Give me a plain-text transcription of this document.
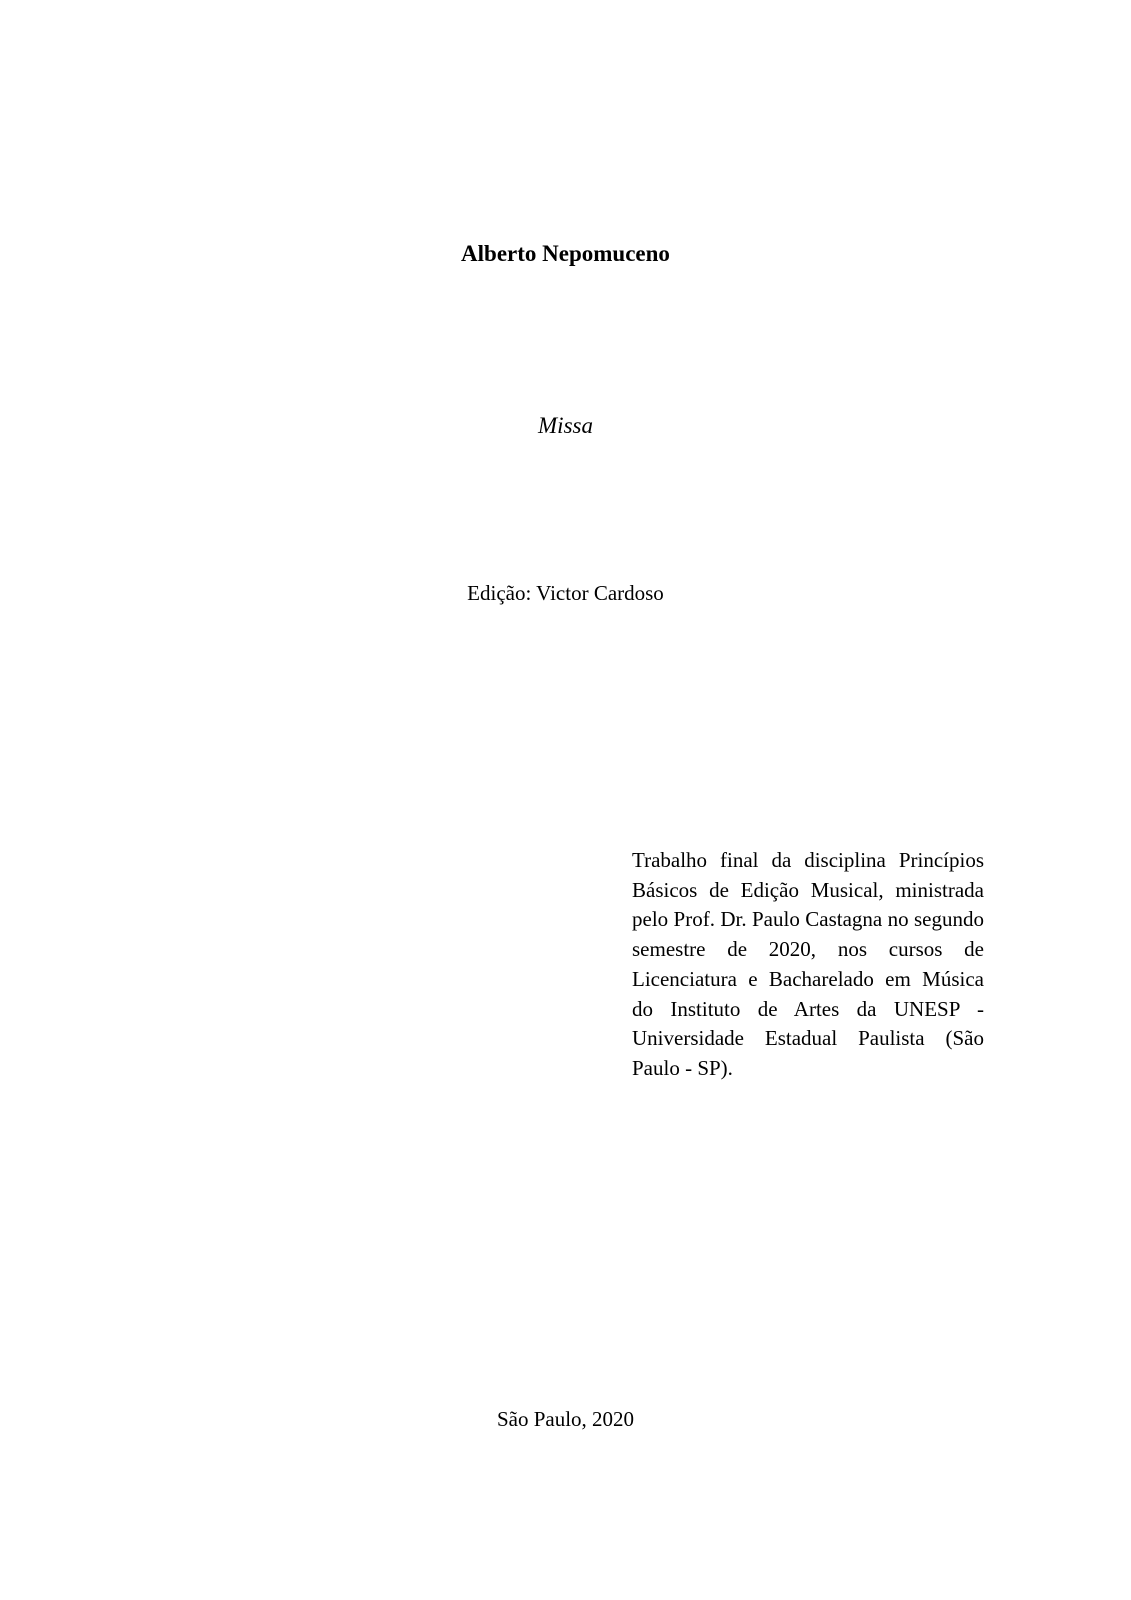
Alberto Nepomuceno
Missa
Edição: Victor Cardoso
Trabalho final da disciplina Princípios Básicos de Edição Musical, ministrada pelo Prof. Dr. Paulo Castagna no segundo semestre de 2020, nos cursos de Licenciatura e Bacharelado em Música do Instituto de Artes da UNESP - Universidade Estadual Paulista (São Paulo - SP).
São Paulo, 2020
